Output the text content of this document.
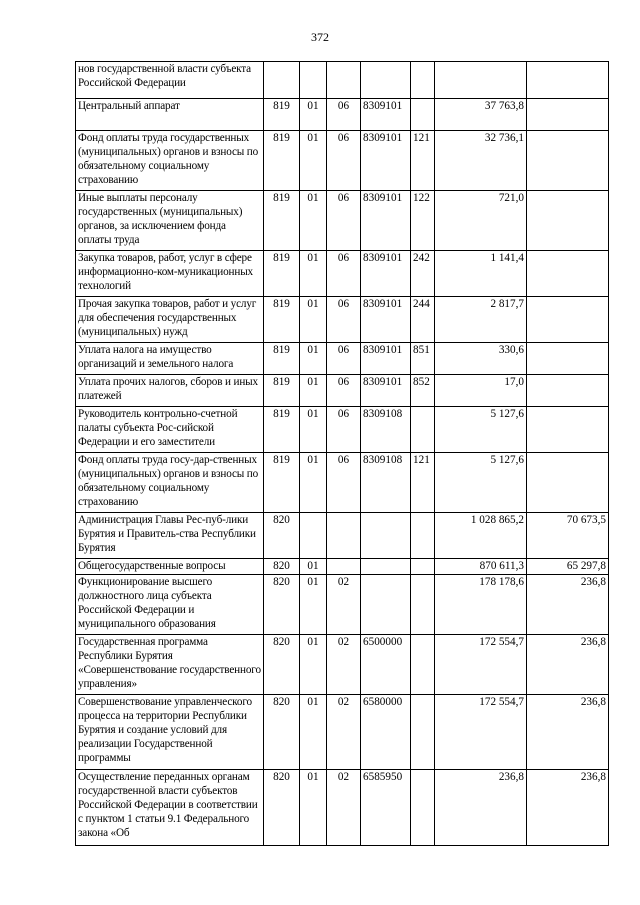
372
нов государственной власти субъекта Российской Федерации							
Центральный аппарат	819	01	06	8309101		37 763,8	
Фонд оплаты труда государственных (муниципальных) органов и взносы по обязательному социальному страхованию	819	01	06	8309101	121	32 736,1	
Иные выплаты персоналу государственных (муниципальных) органов, за исключением фонда оплаты труда	819	01	06	8309101	122	721,0	
Закупка товаров, работ, услуг в сфере информационно-ком-муникационных технологий	819	01	06	8309101	242	1 141,4	
Прочая закупка товаров, работ и услуг для обеспечения государственных (муниципальных) нужд	819	01	06	8309101	244	2 817,7	
Уплата налога на имущество организаций и земельного налога	819	01	06	8309101	851	330,6	
Уплата прочих налогов, сборов и иных платежей	819	01	06	8309101	852	17,0	
Руководитель контрольно-счетной палаты субъекта Рос-сийской Федерации и его заместители	819	01	06	8309108		5 127,6	
Фонд оплаты труда госу-дар-ственных (муниципальных) органов и взносы по обязательному социальному страхованию	819	01	06	8309108	121	5 127,6	
Администрация Главы Рес-пуб-лики Бурятия и Правитель-ства Республики Бурятия	820					1 028 865,2	70 673,5
Общегосударственные вопросы	820	01				870 611,3	65 297,8
Функционирование высшего должностного лица субъекта Российской Федерации и муниципального образования	820	01	02			178 178,6	236,8
Государственная программа Республики Бурятия «Совершенствование государственного управления»	820	01	02	6500000		172 554,7	236,8
Совершенствование управленческого процесса на территории Республики Бурятия и создание условий для реализации Государственной программы	820	01	02	6580000		172 554,7	236,8
Осуществление переданных органам государственной власти субъектов Российской Федерации в соответствии с пунктом 1 статьи 9.1 Федерального закона «Об	820	01	02	6585950		236,8	236,8
